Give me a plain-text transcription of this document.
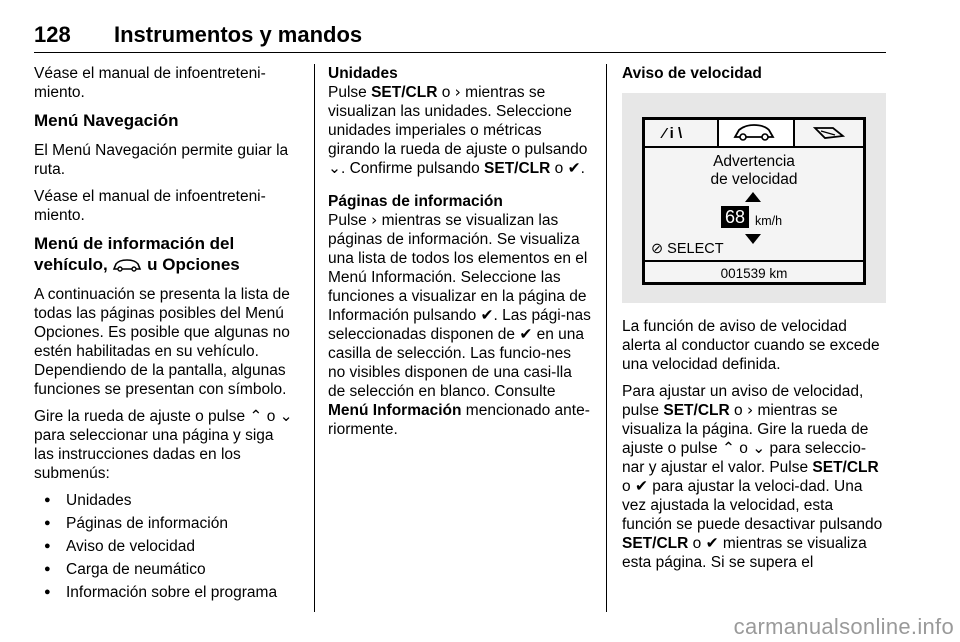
128 Instrumentos y mandos

Véase el manual de infoentreteni-miento.

Menú Navegación

El Menú Navegación permite guiar la ruta.

Véase el manual de infoentreteni-miento.

Menú de información del vehículo, u Opciones

A continuación se presenta la lista de todas las páginas posibles del Menú Opciones. Es posible que algunas no estén habilitadas en su vehículo. Dependiendo de la pantalla, algunas funciones se presentan con símbolo.

Gire la rueda de ajuste o pulse ⌃ o ⌄ para seleccionar una página y siga las instrucciones dadas en los submenús:

● Unidades
● Páginas de información
● Aviso de velocidad
● Carga de neumático
● Información sobre el programa
Unidades

Pulse SET/CLR o › mientras se visualizan las unidades. Seleccione unidades imperiales o métricas girando la rueda de ajuste o pulsando ⌄. Confirme pulsando SET/CLR o ✔.

Páginas de información

Pulse › mientras se visualizan las páginas de información. Se visualiza una lista de todos los elementos en el Menú Información. Seleccione las funciones a visualizar en la página de Información pulsando ✔. Las pági-nas seleccionadas disponen de ✔ en una casilla de selección. Las funcio-nes no visibles disponen de una casi-lla de selección en blanco. Consulte Menú Información mencionado ante-riormente.

Aviso de velocidad
⁄ i \
Advertencia
de velocidad
68 km/h
⊘ SELECT
001539 km

La función de aviso de velocidad alerta al conductor cuando se excede una velocidad definida.

Para ajustar un aviso de velocidad, pulse SET/CLR o › mientras se visualiza la página. Gire la rueda de ajuste o pulse ⌃ o ⌄ para seleccio-nar y ajustar el valor. Pulse SET/CLR o ✔ para ajustar la veloci-dad. Una vez ajustada la velocidad, esta función se puede desactivar pulsando SET/CLR o ✔ mientras se visualiza esta página. Si se supera el

carmanualsonline.info
